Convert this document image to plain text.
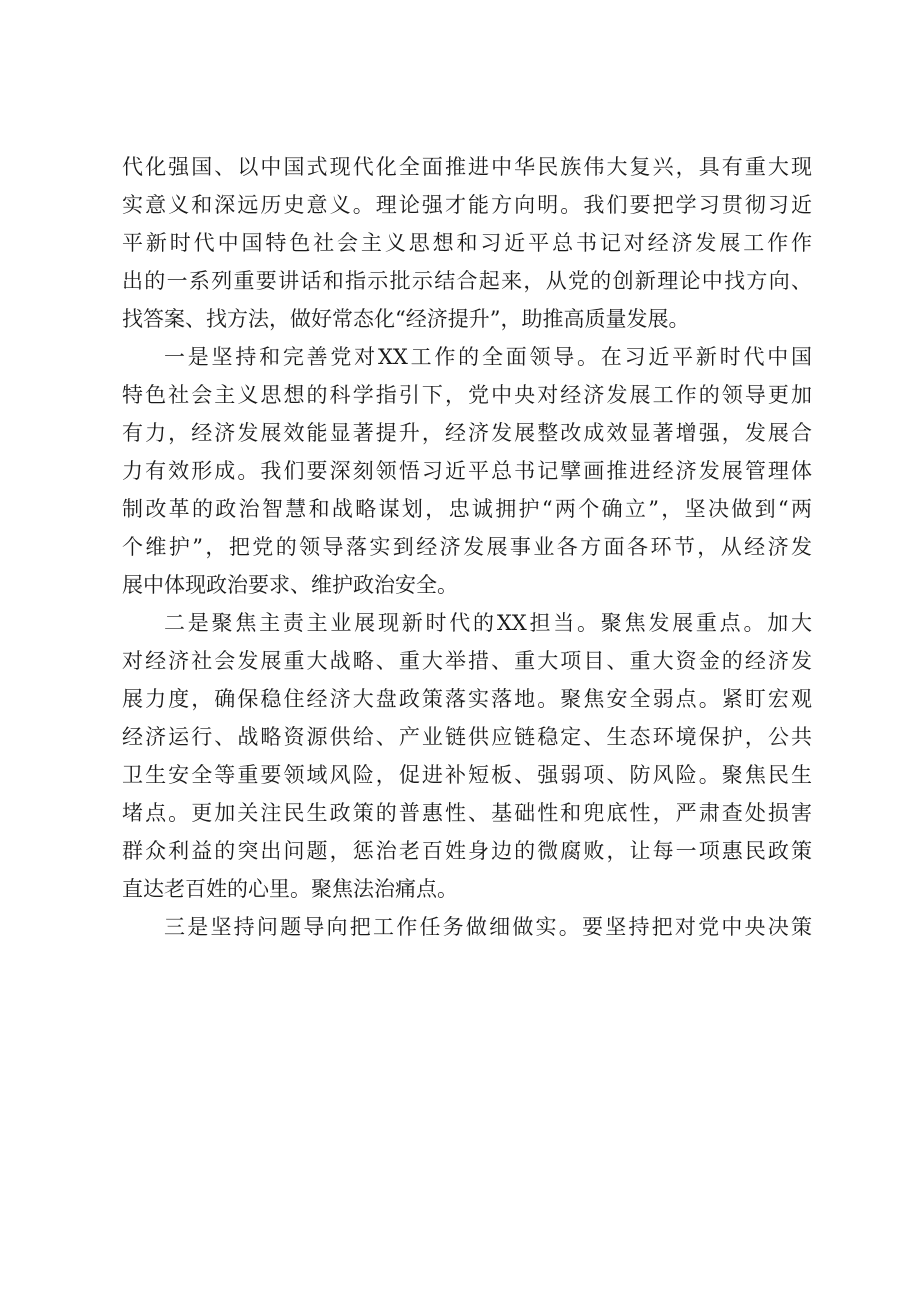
代化强国、以中国式现代化全面推进中华民族伟大复兴，具有重大现
实意义和深远历史意义。理论强才能方向明。我们要把学习贯彻习近
平新时代中国特色社会主义思想和习近平总书记对经济发展工作作
出的一系列重要讲话和指示批示结合起来，从党的创新理论中找方向、
找答案、找方法，做好常态化“经济提升”，助推高质量发展。
一是坚持和完善党对XX工作的全面领导。在习近平新时代中国
特色社会主义思想的科学指引下，党中央对经济发展工作的领导更加
有力，经济发展效能显著提升，经济发展整改成效显著增强，发展合
力有效形成。我们要深刻领悟习近平总书记擘画推进经济发展管理体
制改革的政治智慧和战略谋划，忠诚拥护“两个确立”，坚决做到“两
个维护”，把党的领导落实到经济发展事业各方面各环节，从经济发
展中体现政治要求、维护政治安全。
二是聚焦主责主业展现新时代的XX担当。聚焦发展重点。加大
对经济社会发展重大战略、重大举措、重大项目、重大资金的经济发
展力度，确保稳住经济大盘政策落实落地。聚焦安全弱点。紧盯宏观
经济运行、战略资源供给、产业链供应链稳定、生态环境保护，公共
卫生安全等重要领域风险，促进补短板、强弱项、防风险。聚焦民生
堵点。更加关注民生政策的普惠性、基础性和兜底性，严肃查处损害
群众利益的突出问题，惩治老百姓身边的微腐败，让每一项惠民政策
直达老百姓的心里。聚焦法治痛点。
三是坚持问题导向把工作任务做细做实。要坚持把对党中央决策
